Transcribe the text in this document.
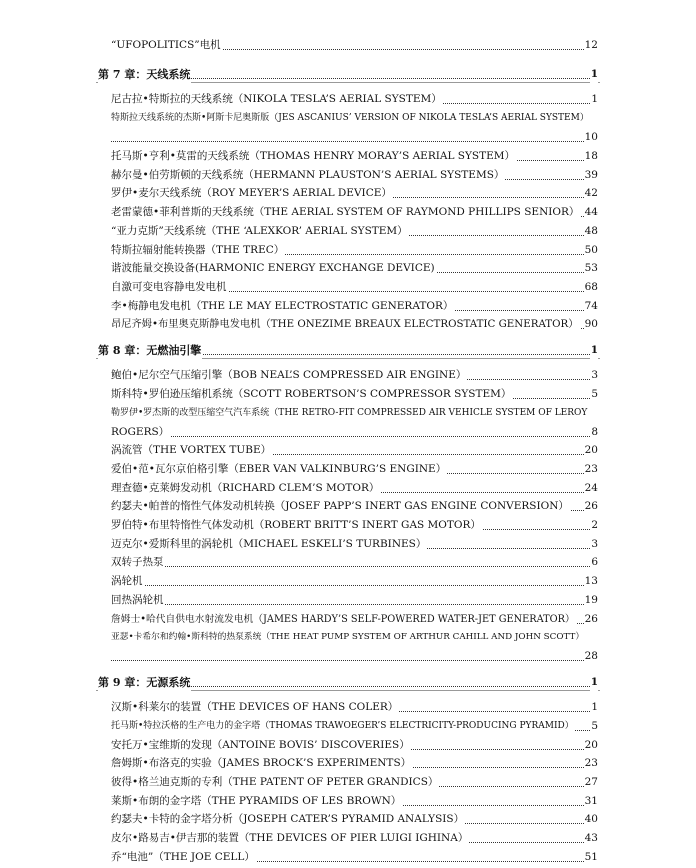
“UFOPOLITICS”电机	12
第 7 章：天线系统	1
尼古拉•特斯拉的天线系统（NIKOLA TESLA’S AERIAL SYSTEM）	1
特斯拉天线系统的杰斯•阿斯卡尼奥斯版（JES ASCANIUS’ VERSION OF NIKOLA TESLA’S AERIAL SYSTEM）
10
托马斯•亨利•莫雷的天线系统（THOMAS HENRY MORAY’S AERIAL SYSTEM）	18
赫尔曼•伯劳斯顿的天线系统（HERMANN PLAUSTON’S AERIAL SYSTEMS）	39
罗伊•麦尔天线系统（ROY MEYER’S AERIAL DEVICE）	42
老雷蒙德•菲利普斯的天线系统（THE AERIAL SYSTEM OF RAYMOND PHILLIPS SENIOR） 44
“亚力克斯”天线系统（THE ‘ALEXKOR’ AERIAL SYSTEM）	48
特斯拉辐射能转换器（THE TREC）	50
谐波能量交换设备(HARMONIC ENERGY EXCHANGE DEVICE)	53
自激可变电容静电发电机	68
李•梅静电发电机（THE LE MAY ELECTROSTATIC GENERATOR）	74
昂尼齐姆•布里奥克斯静电发电机（THE ONEZIME BREAUX ELECTROSTATIC GENERATOR） 90
第 8 章：无燃油引擎	1
鲍伯•尼尔空气压缩引擎（BOB NEAL’S COMPRESSED AIR ENGINE）	3
斯科特•罗伯逊压缩机系统（SCOTT ROBERTSON’S COMPRESSOR SYSTEM）	5
勒罗伊•罗杰斯的改型压缩空气汽车系统（THE RETRO-FIT COMPRESSED AIR VEHICLE SYSTEM OF LEROY
ROGERS）	8
涡流管（THE VORTEX TUBE）	20
爱伯•范•瓦尔京伯格引擎（EBER VAN VALKINBURG’S ENGINE）	23
理查德•克莱姆发动机（RICHARD CLEM’S MOTOR）	24
约瑟夫•帕普的惰性气体发动机转换（JOSEF PAPP’S INERT GAS ENGINE CONVERSION） 26
罗伯特•布里特惰性气体发动机（ROBERT BRITT’S INERT GAS MOTOR）	2
迈克尔•爱斯科里的涡轮机（MICHAEL ESKELI’S TURBINES）	3
双转子热泵	6
涡轮机	13
回热涡轮机	19
詹姆士•哈代自供电水射流发电机（JAMES HARDY’S SELF-POWERED WATER-JET GENERATOR） 26
亚瑟•卡希尔和约翰•斯科特的热泵系统（THE HEAT PUMP SYSTEM OF ARTHUR CAHILL AND JOHN SCOTT）
28
第 9 章：无源系统	1
汉斯•科莱尔的装置（THE DEVICES OF HANS COLER）	1
托马斯•特拉沃格的生产电力的金字塔（THOMAS TRAWOEGER’S ELECTRICITY-PRODUCING PYRAMID） 5
安托万•宝维斯的发现（ANTOINE BOVIS’ DISCOVERIES）	20
詹姆斯•布洛克的实验（JAMES BROCK’S EXPERIMENTS）	23
彼得•格兰迪克斯的专利（THE PATENT OF PETER GRANDICS）	27
莱斯•布朗的金字塔（THE PYRAMIDS OF LES BROWN）	31
约瑟夫•卡特的金字塔分析（JOSEPH CATER’S PYRAMID ANALYSIS）	40
皮尔•路易吉•伊吉那的装置（THE DEVICES OF PIER LUIGI IGHINA）	43
乔“电池”（THE JOE CELL）	51
